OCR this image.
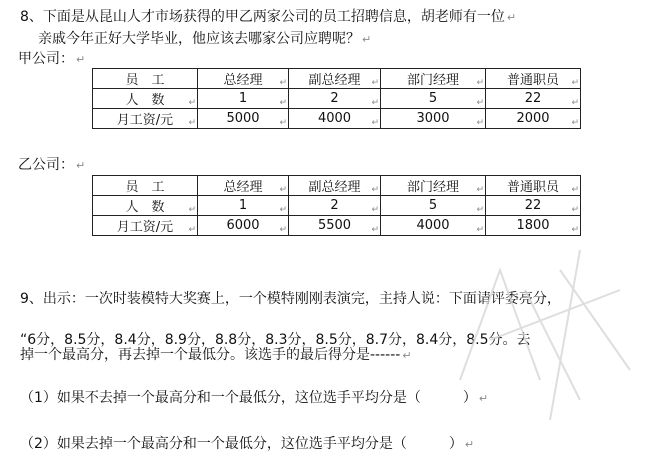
8、下面是从昆山人才市场获得的甲乙两家公司的员工招聘信息，胡老师有一位 ↵
亲戚今年正好大学毕业，他应该去哪家公司应聘呢？ ↵
甲公司： ↵
员　工	总经理 ↵	副总经理 ↵	部门经理 ↵	普通职员 ↵

人　数 ↵	1 ↵	2 ↵	5 ↵	22 ↵

月工资/元 ↵	5000 ↵	4000 ↵	3000 ↵	2000 ↵
乙公司： ↵
员　工	总经理 ↵	副总经理 ↵	部门经理 ↵	普通职员 ↵

人　数 ↵	1 ↵	2 ↵	5 ↵	22 ↵

月工资/元 ↵	6000 ↵	5500 ↵	4000 ↵	1800 ↵
9、出示：一次时装模特大奖赛上，一个模特刚刚表演完，主持人说：下面请评委亮分，
“6分，8.5分，8.4分，8.9分，8.8分，8.3分，8.5分，8.7分，8.4分，8.5分。去
掉一个最高分，再去掉一个最低分。该选手的最后得分是------ ↵
（1）如果不去掉一个最高分和一个最低分，这位选手平均分是（　　　） ↵
（2）如果去掉一个最高分和一个最低分，这位选手平均分是（　　　） ↵
